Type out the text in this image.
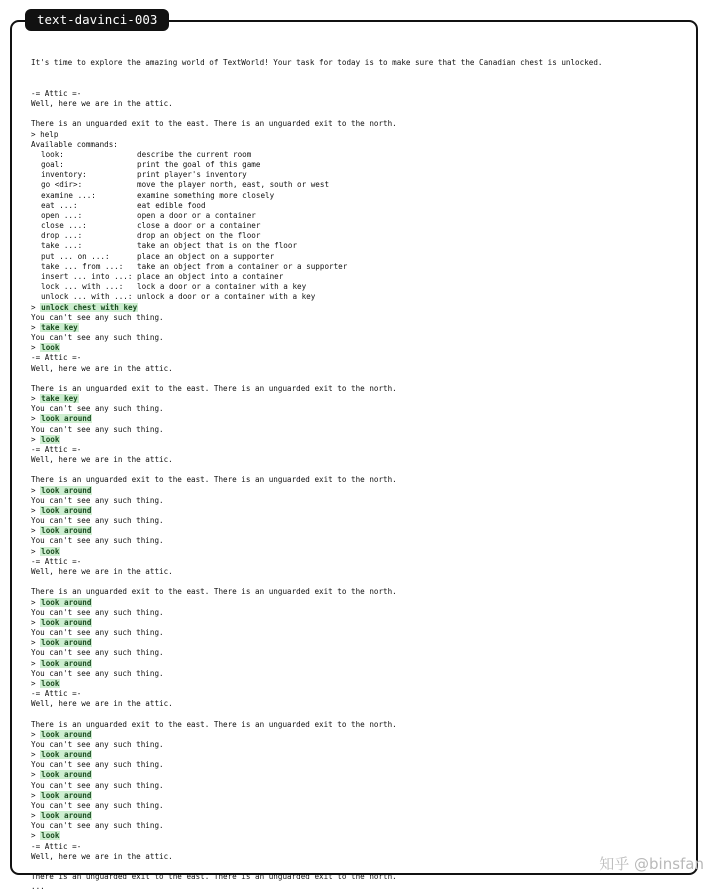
text-davinci-003

It's time to explore the amazing world of TextWorld! Your task for today is to make sure that the Canadian chest is unlocked.

-= Attic =-
Well, here we are in the attic.
There is an unguarded exit to the east. There is an unguarded exit to the north.
> help
Available commands:
look:	describe the current room
goal:	print the goal of this game
inventory:	print player's inventory
go <dir>:	move the player north, east, south or west
examine ...:	examine something more closely
eat ...:	eat edible food
open ...:	open a door or a container
close ...:	close a door or a container
drop ...:	drop an object on the floor
take ...:	take an object that is on the floor
put ... on ...:	place an object on a supporter
take ... from ...: take an object from a container or a supporter
insert ... into ...: place an object into a container
lock ... with ...: lock a door or a container with a key
unlock ... with ...: unlock a door or a container with a key
> unlock chest with key
You can't see any such thing.
> take key
You can't see any such thing.
> look
-= Attic =-
Well, here we are in the attic.
There is an unguarded exit to the east. There is an unguarded exit to the north.
> take key
You can't see any such thing.
> look around
You can't see any such thing.
> look
-= Attic =-
Well, here we are in the attic.
There is an unguarded exit to the east. There is an unguarded exit to the north.
> look around
You can't see any such thing.
> look around
You can't see any such thing.
> look around
You can't see any such thing.
> look
-= Attic =-
Well, here we are in the attic.
There is an unguarded exit to the east. There is an unguarded exit to the north.
> look around
You can't see any such thing.
> look around
You can't see any such thing.
> look around
You can't see any such thing.
> look around
You can't see any such thing.
> look
-= Attic =-
Well, here we are in the attic.
There is an unguarded exit to the east. There is an unguarded exit to the north.
> look around
You can't see any such thing.
> look around
You can't see any such thing.
> look around
You can't see any such thing.
> look around
You can't see any such thing.
> look around
You can't see any such thing.
> look
-= Attic =-
Well, here we are in the attic.
There is an unguarded exit to the east. There is an unguarded exit to the north.
...
知乎 @binsfan
